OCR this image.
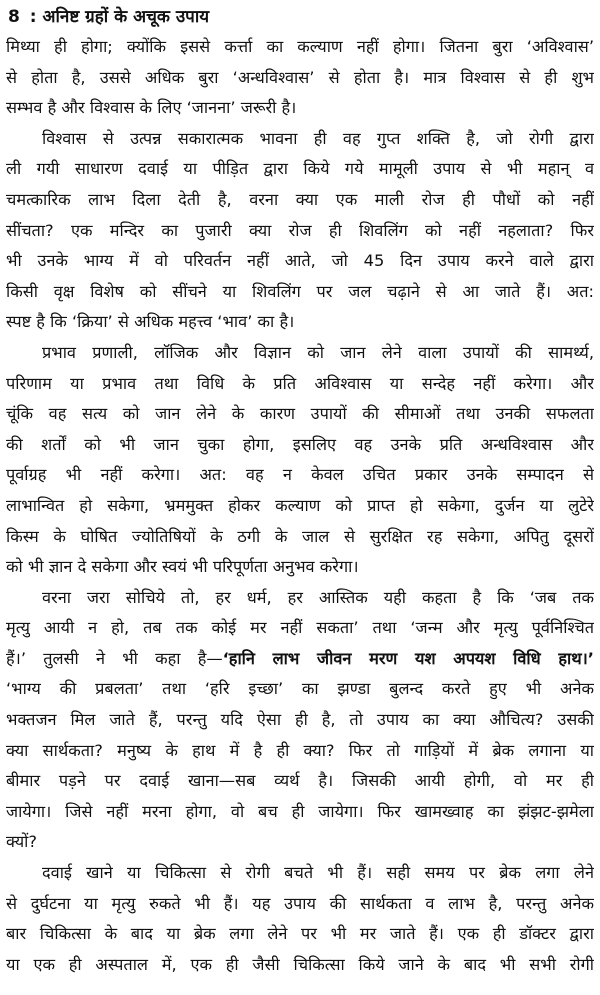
8 : अनिष्ट ग्रहों के अचूक उपाय
मिथ्या ही होगा; क्योंकि इससे कर्त्ता का कल्याण नहीं होगा। जितना बुरा ‘अविश्वास’
से होता है, उससे अधिक बुरा ‘अन्धविश्वास’ से होता है। मात्र विश्वास से ही शुभ
सम्भव है और विश्वास के लिए ‘जानना’ जरूरी है।
विश्वास से उत्पन्न सकारात्मक भावना ही वह गुप्त शक्ति है, जो रोगी द्वारा
ली गयी साधारण दवाई या पीड़ित द्वारा किये गये मामूली उपाय से भी महान् व
चमत्कारिक लाभ दिला देती है, वरना क्या एक माली रोज ही पौधों को नहीं
सींचता? एक मन्दिर का पुजारी क्या रोज ही शिवलिंग को नहीं नहलाता? फिर
भी उनके भाग्य में वो परिवर्तन नहीं आते, जो 45 दिन उपाय करने वाले द्वारा
किसी वृक्ष विशेष को सींचने या शिवलिंग पर जल चढ़ाने से आ जाते हैं। अत:
स्पष्ट है कि ‘क्रिया’ से अधिक महत्त्व ‘भाव’ का है।
प्रभाव प्रणाली, लॉजिक और विज्ञान को जान लेने वाला उपायों की सामर्थ्य,
परिणाम या प्रभाव तथा विधि के प्रति अविश्वास या सन्देह नहीं करेगा। और
चूंकि वह सत्य को जान लेने के कारण उपायों की सीमाओं तथा उनकी सफलता
की शर्तों को भी जान चुका होगा, इसलिए वह उनके प्रति अन्धविश्वास और
पूर्वाग्रह भी नहीं करेगा। अत: वह न केवल उचित प्रकार उनके सम्पादन से
लाभान्वित हो सकेगा, भ्रममुक्त होकर कल्याण को प्राप्त हो सकेगा, दुर्जन या लुटेरे
किस्म के घोषित ज्योतिषियों के ठगी के जाल से सुरक्षित रह सकेगा, अपितु दूसरों
को भी ज्ञान दे सकेगा और स्वयं भी परिपूर्णता अनुभव करेगा।
वरना जरा सोचिये तो, हर धर्म, हर आस्तिक यही कहता है कि ‘जब तक
मृत्यु आयी न हो, तब तक कोई मर नहीं सकता’ तथा ‘जन्म और मृत्यु पूर्वनिश्चित
हैं।’ तुलसी ने भी कहा है—‘हानि लाभ जीवन मरण यश अपयश विधि हाथ।’
‘भाग्य की प्रबलता’ तथा ‘हरि इच्छा’ का झण्डा बुलन्द करते हुए भी अनेक
भक्तजन मिल जाते हैं, परन्तु यदि ऐसा ही है, तो उपाय का क्या औचित्य? उसकी
क्या सार्थकता? मनुष्य के हाथ में है ही क्या? फिर तो गाड़ियों में ब्रेक लगाना या
बीमार पड़ने पर दवाई खाना—सब व्यर्थ है। जिसकी आयी होगी, वो मर ही
जायेगा। जिसे नहीं मरना होगा, वो बच ही जायेगा। फिर खामख्वाह का झंझट-झमेला
क्यों?
दवाई खाने या चिकित्सा से रोगी बचते भी हैं। सही समय पर ब्रेक लगा लेने
से दुर्घटना या मृत्यु रुकते भी हैं। यह उपाय की सार्थकता व लाभ है, परन्तु अनेक
बार चिकित्सा के बाद या ब्रेक लगा लेने पर भी मर जाते हैं। एक ही डॉक्टर द्वारा
या एक ही अस्पताल में, एक ही जैसी चिकित्सा किये जाने के बाद भी सभी रोगी
